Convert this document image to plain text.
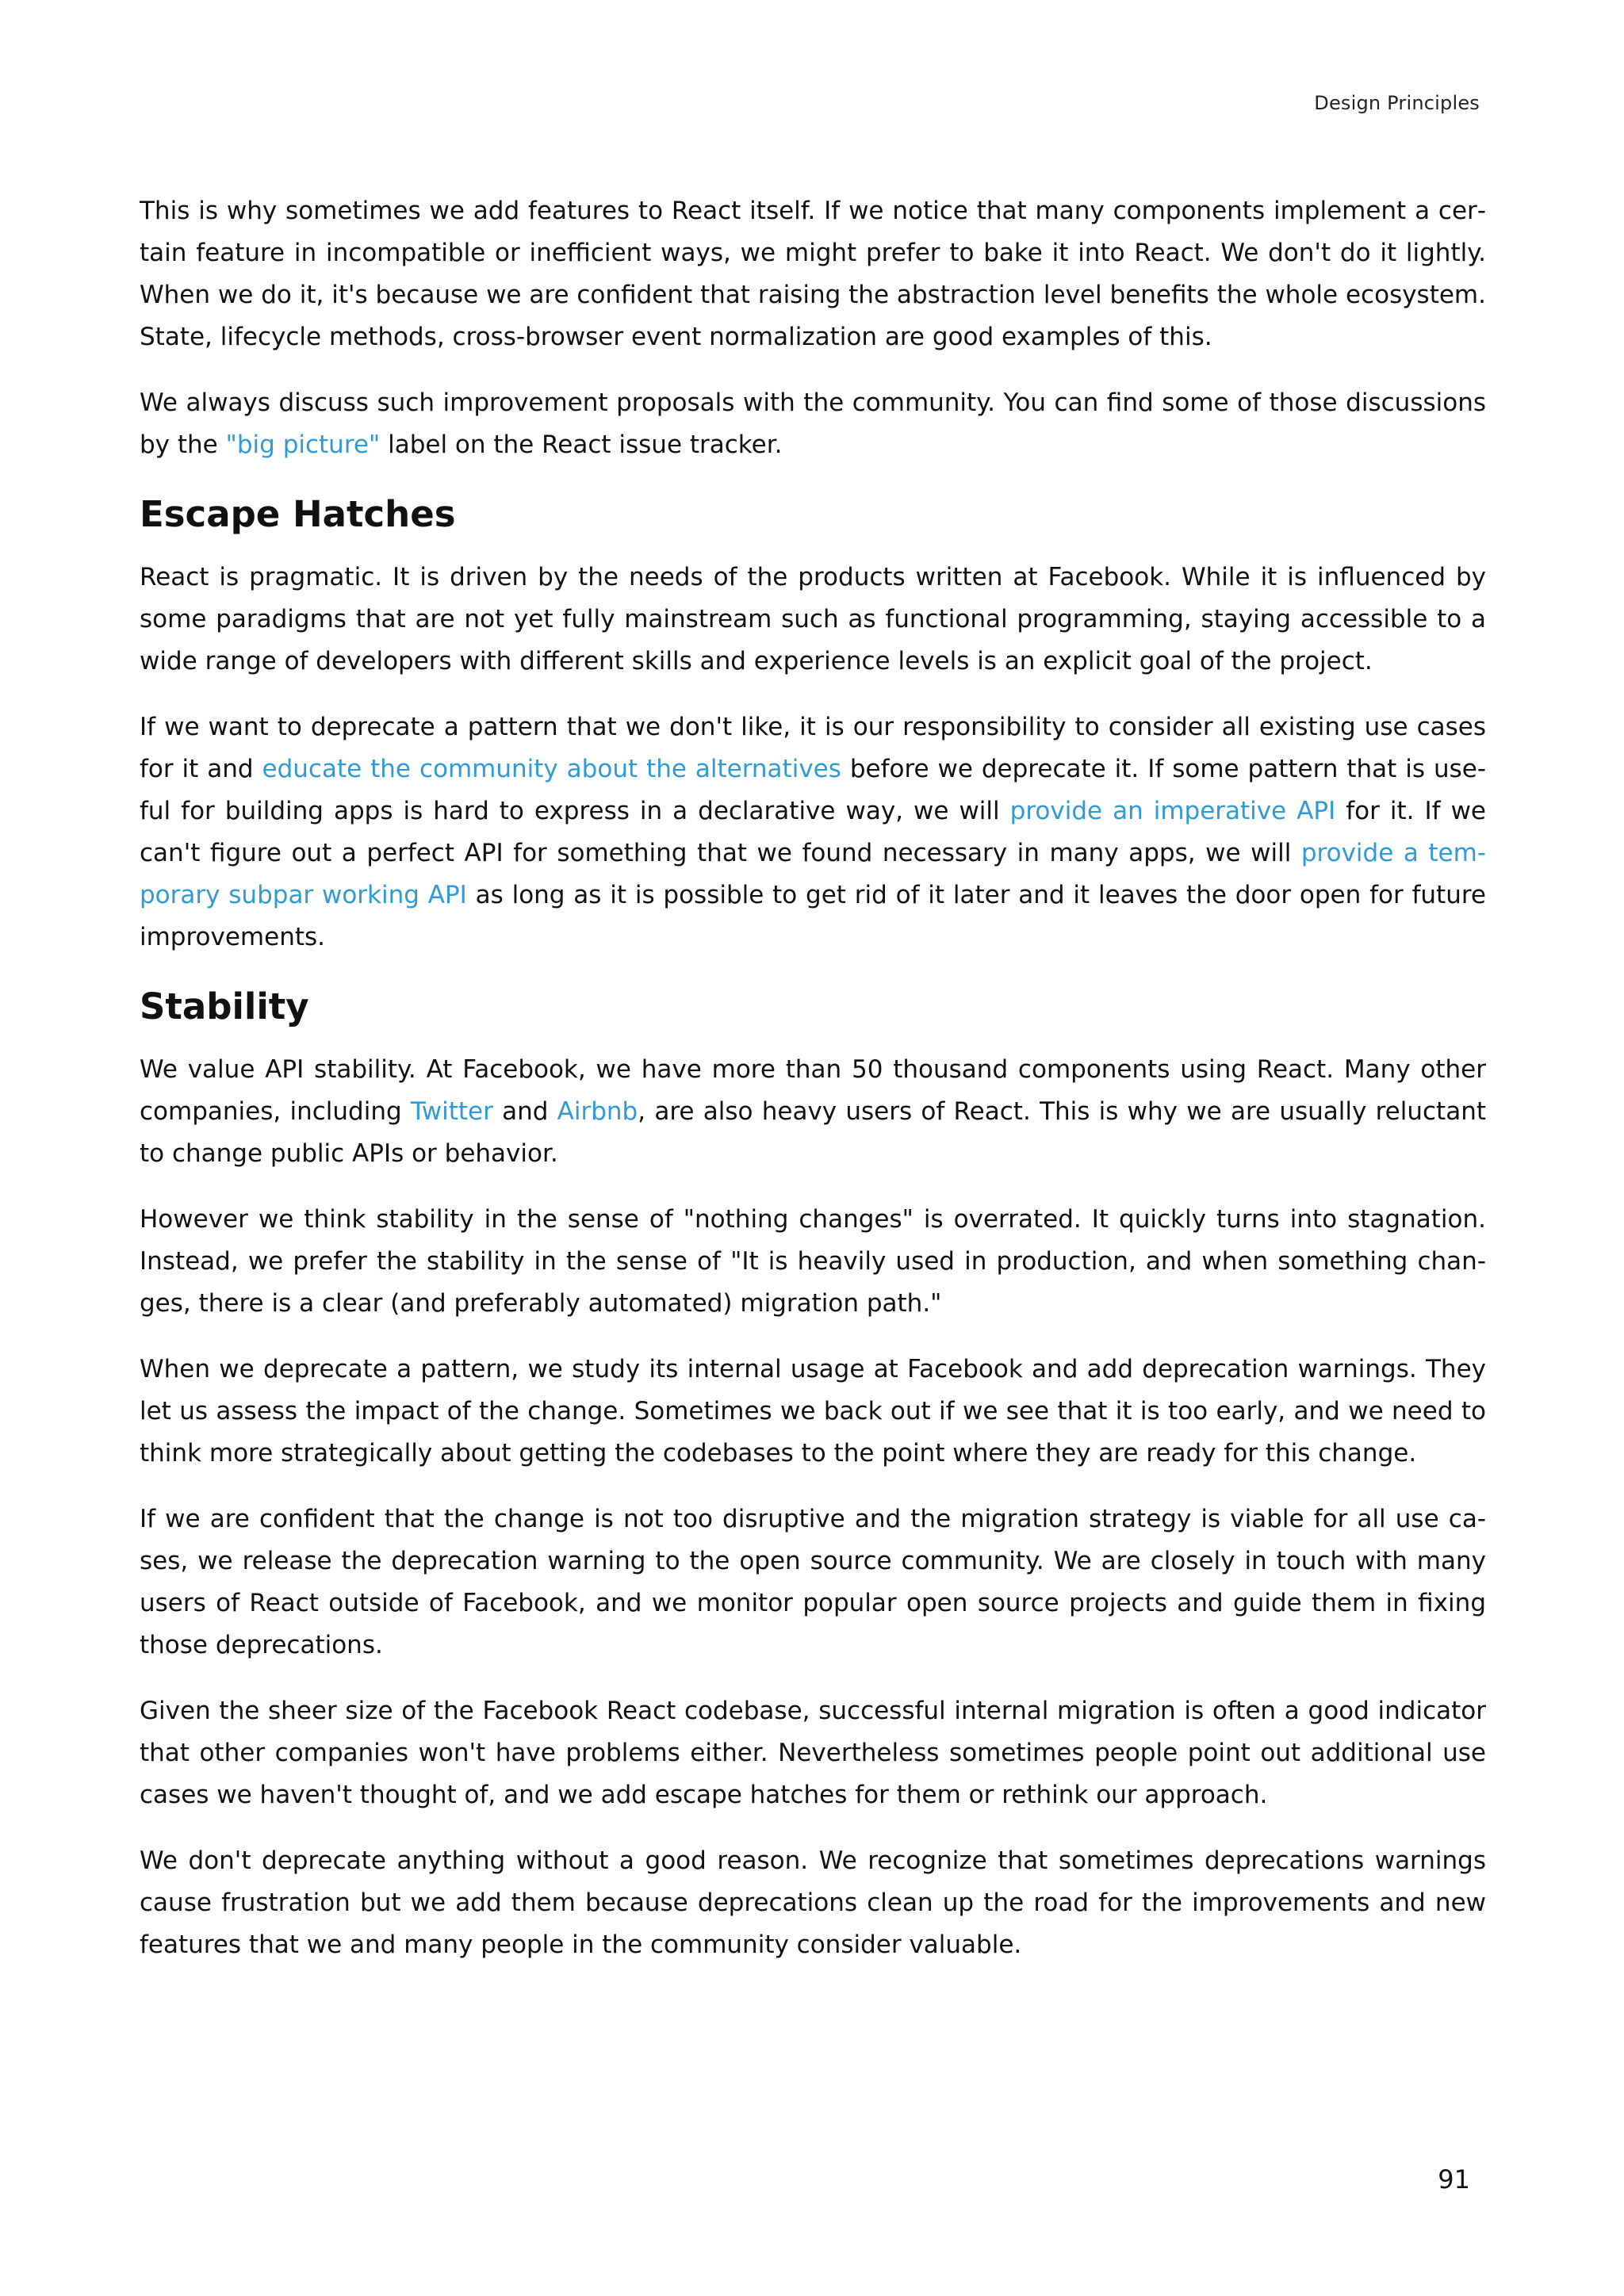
Design Principles

This is why sometimes we add features to React itself. If we notice that many components implement a certain feature in incompatible or inefficient ways, we might prefer to bake it into React. We don't do it lightly. When we do it, it's because we are confident that raising the abstraction level benefits the whole ecosystem. State, lifecycle methods, cross-browser event normalization are good examples of this.

We always discuss such improvement proposals with the community. You can find some of those discussions by the "big picture" label on the React issue tracker.

Escape Hatches

React is pragmatic. It is driven by the needs of the products written at Facebook. While it is influenced by some paradigms that are not yet fully mainstream such as functional programming, staying accessible to a wide range of developers with different skills and experience levels is an explicit goal of the project.

If we want to deprecate a pattern that we don't like, it is our responsibility to consider all existing use cases for it and educate the community about the alternatives before we deprecate it. If some pattern that is useful for building apps is hard to express in a declarative way, we will provide an imperative API for it. If we can't figure out a perfect API for something that we found necessary in many apps, we will provide a temporary subpar working API as long as it is possible to get rid of it later and it leaves the door open for future improvements.

Stability

We value API stability. At Facebook, we have more than 50 thousand components using React. Many other companies, including Twitter and Airbnb, are also heavy users of React. This is why we are usually reluctant to change public APIs or behavior.

However we think stability in the sense of "nothing changes" is overrated. It quickly turns into stagnation. Instead, we prefer the stability in the sense of "It is heavily used in production, and when something changes, there is a clear (and preferably automated) migration path."

When we deprecate a pattern, we study its internal usage at Facebook and add deprecation warnings. They let us assess the impact of the change. Sometimes we back out if we see that it is too early, and we need to think more strategically about getting the codebases to the point where they are ready for this change.

If we are confident that the change is not too disruptive and the migration strategy is viable for all use cases, we release the deprecation warning to the open source community. We are closely in touch with many users of React outside of Facebook, and we monitor popular open source projects and guide them in fixing those deprecations.

Given the sheer size of the Facebook React codebase, successful internal migration is often a good indicator that other companies won't have problems either. Nevertheless sometimes people point out additional use cases we haven't thought of, and we add escape hatches for them or rethink our approach.

We don't deprecate anything without a good reason. We recognize that sometimes deprecations warnings cause frustration but we add them because deprecations clean up the road for the improvements and new features that we and many people in the community consider valuable.

91
